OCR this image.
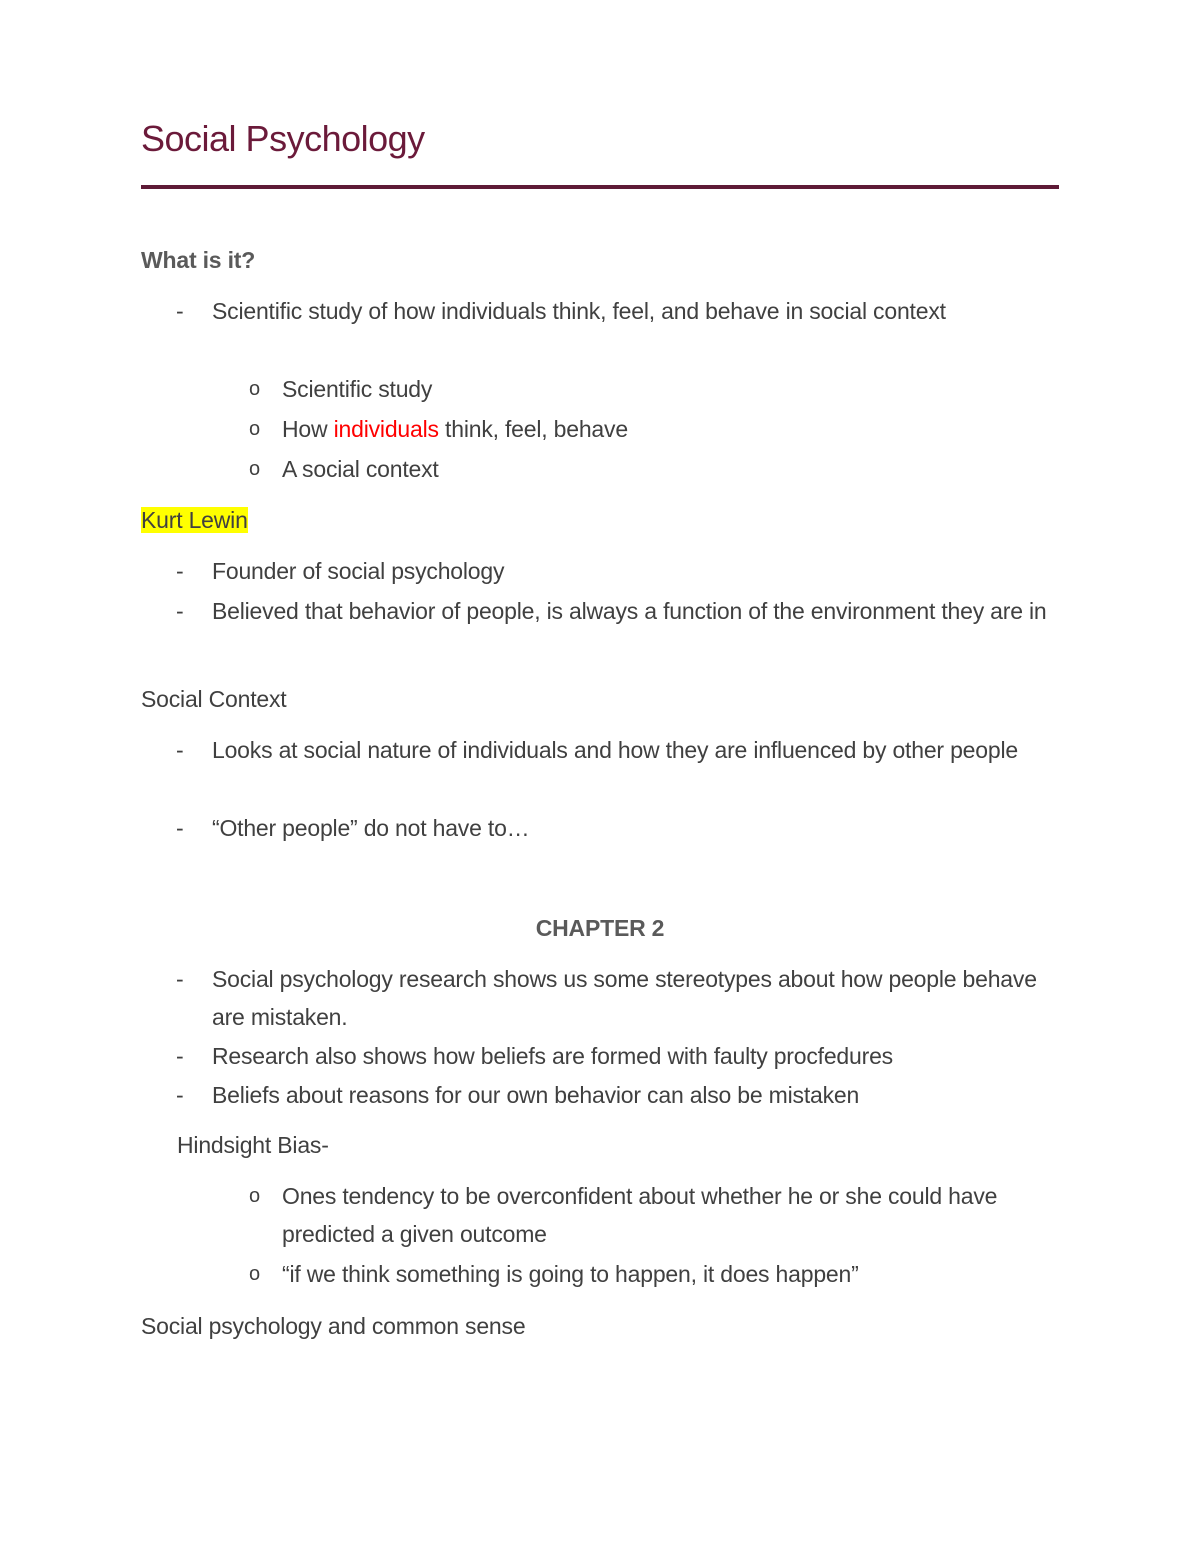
Social Psychology
What is it?
- Scientific study of how individuals think, feel, and behave in social context
o Scientific study
o How individuals think, feel, behave
o A social context
Kurt Lewin
- Founder of social psychology
- Believed that behavior of people, is always a function of the environment they are in
Social Context
- Looks at social nature of individuals and how they are influenced by other people
- “Other people” do not have to…
CHAPTER 2
- Social psychology research shows us some stereotypes about how people behave are mistaken.
- Research also shows how beliefs are formed with faulty procfedures
- Beliefs about reasons for our own behavior can also be mistaken
Hindsight Bias-
o Ones tendency to be overconfident about whether he or she could have predicted a given outcome
o “if we think something is going to happen, it does happen”
Social psychology and common sense
